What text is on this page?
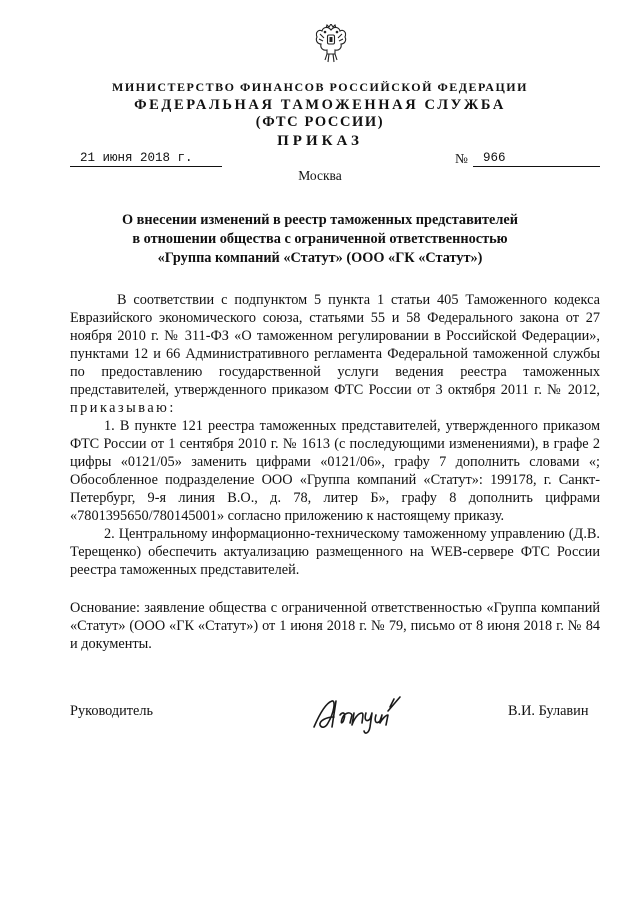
МИНИСТЕРСТВО ФИНАНСОВ РОССИЙСКОЙ ФЕДЕРАЦИИ
ФЕДЕРАЛЬНАЯ ТАМОЖЕННАЯ СЛУЖБА
(ФТС РОССИИ)
ПРИКАЗ
21 июня 2018 г.	№	966
Москва
О внесении изменений в реестр таможенных представителей
в отношении общества с ограниченной ответственностью
«Группа компаний «Статут» (ООО «ГК «Статут»)

В соответствии с подпунктом 5 пункта 1 статьи 405 Таможенного кодекса Евразийского экономического союза, статьями 55 и 58 Федерального закона от 27 ноября 2010 г. № 311-ФЗ «О таможенном регулировании в Российской Федерации», пунктами 12 и 66 Административного регламента Федеральной таможенной службы по предоставлению государственной услуги ведения реестра таможенных представителей, утвержденного приказом ФТС России от 3 октября 2011 г. № 2012, приказываю:

1. В пункте 121 реестра таможенных представителей, утвержденного приказом ФТС России от 1 сентября 2010 г. № 1613 (с последующими изменениями), в графе 2 цифры «0121/05» заменить цифрами «0121/06», графу 7 дополнить словами «; Обособленное подразделение ООО «Группа компаний «Статут»: 199178, г. Санкт-Петербург, 9-я линия В.О., д. 78, литер Б», графу 8 дополнить цифрами «7801395650/780145001» согласно приложению к настоящему приказу.

2. Центральному информационно-техническому таможенному управлению (Д.В. Терещенко) обеспечить актуализацию размещенного на WEB-сервере ФТС России реестра таможенных представителей.

Основание: заявление общества с ограниченной ответственностью «Группа компаний «Статут» (ООО «ГК «Статут») от 1 июня 2018 г. № 79, письмо от 8 июня 2018 г. № 84 и документы.

Руководитель	В.И. Булавин
